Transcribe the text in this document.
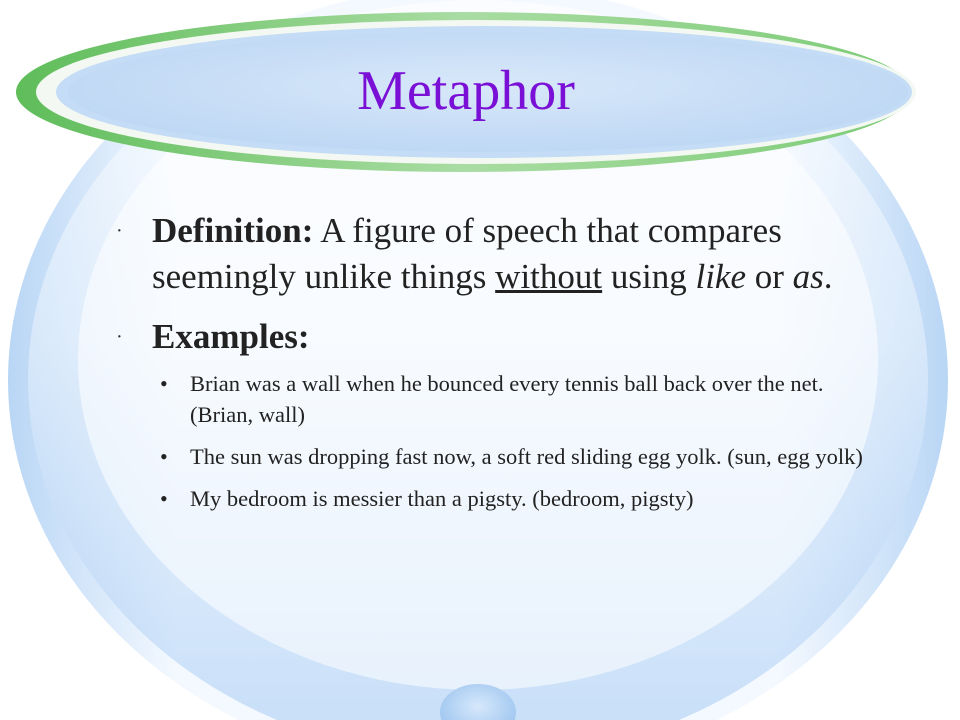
Metaphor
· Definition: A figure of speech that compares seemingly unlike things without using like or as.
· Examples:
• Brian was a wall when he bounced every tennis ball back over the net. (Brian, wall)
• The sun was dropping fast now, a soft red sliding egg yolk. (sun, egg yolk)
• My bedroom is messier than a pigsty. (bedroom, pigsty)
